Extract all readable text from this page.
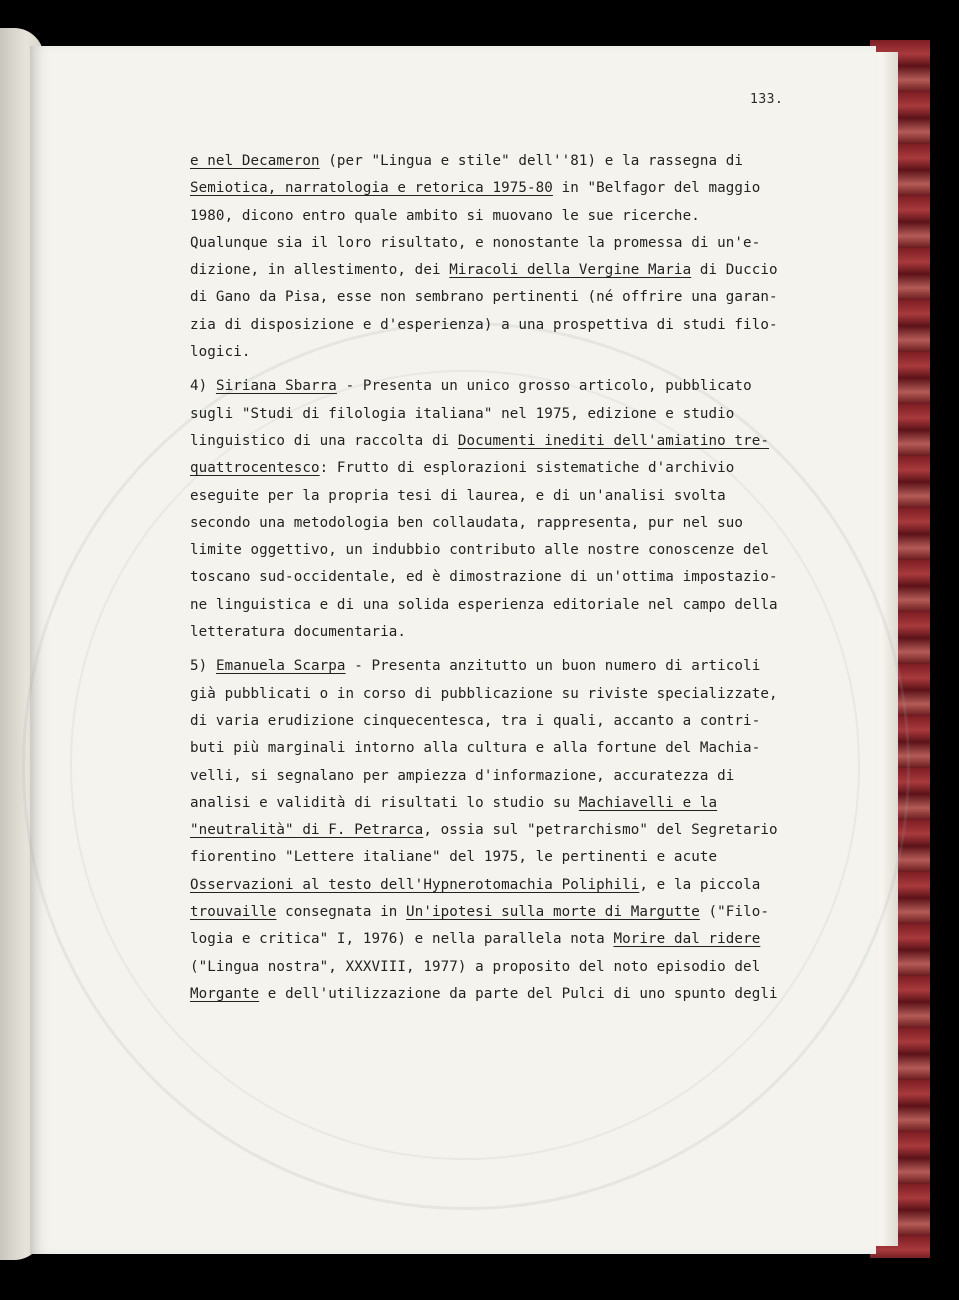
133.
e nel Decameron (per "Lingua e stile" dell''81) e la rassegna di
Semiotica, narratologia e retorica 1975-80 in "Belfagor del maggio
1980, dicono entro quale ambito si muovano le sue ricerche.
Qualunque sia il loro risultato, e nonostante la promessa di un'e-
dizione, in allestimento, dei Miracoli della Vergine Maria di Duccio
di Gano da Pisa, esse non sembrano pertinenti (né offrire una garan-
zia di disposizione e d'esperienza) a una prospettiva di studi filo-
logici.
4) Siriana Sbarra - Presenta un unico grosso articolo, pubblicato
sugli "Studi di filologia italiana" nel 1975, edizione e studio
linguistico di una raccolta di Documenti inediti dell'amiatino tre-
quattrocentesco: Frutto di esplorazioni sistematiche d'archivio
eseguite per la propria tesi di laurea, e di un'analisi svolta
secondo una metodologia ben collaudata, rappresenta, pur nel suo
limite oggettivo, un indubbio contributo alle nostre conoscenze del
toscano sud-occidentale, ed è dimostrazione di un'ottima impostazio-
ne linguistica e di una solida esperienza editoriale nel campo della
letteratura documentaria.
5) Emanuela Scarpa - Presenta anzitutto un buon numero di articoli
già pubblicati o in corso di pubblicazione su riviste specializzate,
di varia erudizione cinquecentesca, tra i quali, accanto a contri-
buti più marginali intorno alla cultura e alla fortune del Machia-
velli, si segnalano per ampiezza d'informazione, accuratezza di
analisi e validità di risultati lo studio su Machiavelli e la
"neutralità" di F. Petrarca, ossia sul "petrarchismo" del Segretario
fiorentino "Lettere italiane" del 1975, le pertinenti e acute
Osservazioni al testo dell'Hypnerotomachia Poliphili, e la piccola
trouvaille consegnata in Un'ipotesi sulla morte di Margutte ("Filo-
logia e critica" I, 1976) e nella parallela nota Morire dal ridere
("Lingua nostra", XXXVIII, 1977) a proposito del noto episodio del
Morgante e dell'utilizzazione da parte del Pulci di uno spunto degli
